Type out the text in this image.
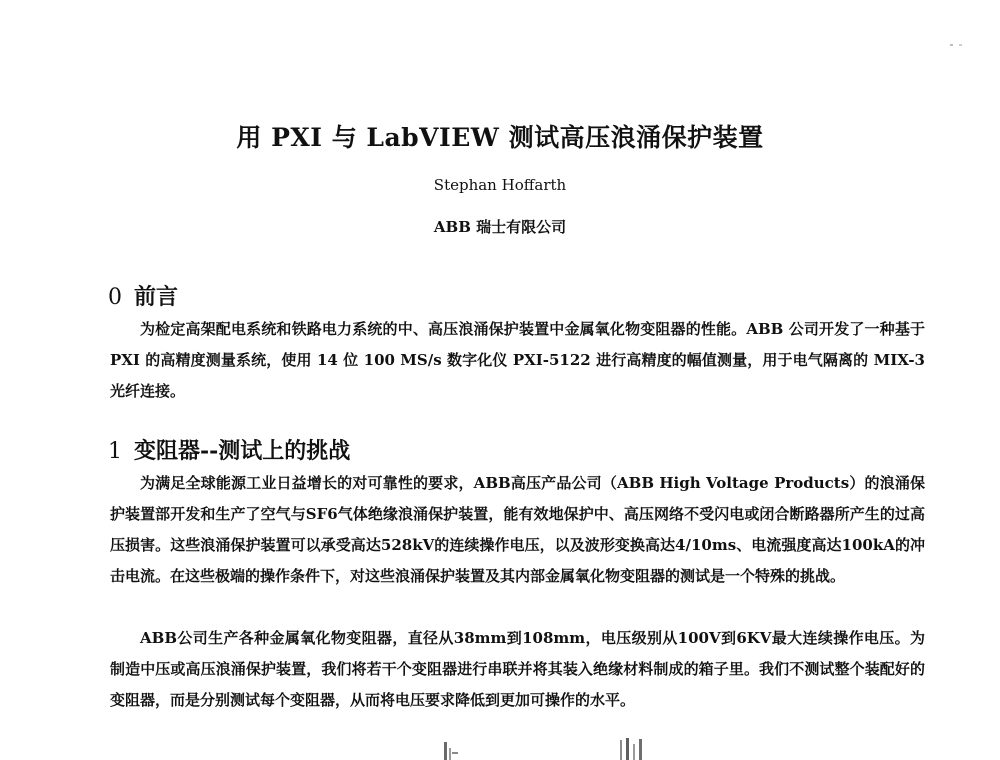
用 PXI 与 LabVIEW 测试高压浪涌保护装置
Stephan Hoffarth
ABB 瑞士有限公司
0 前言
为检定高架配电系统和铁路电力系统的中、高压浪涌保护装置中金属氧化物变阻器的性能。ABB 公司开发了一种基于 PXI 的高精度测量系统，使用 14 位 100 MS/s 数字化仪 PXI-5122 进行高精度的幅值测量，用于电气隔离的 MIX-3 光纤连接。
1 变阻器--测试上的挑战
为满足全球能源工业日益增长的对可靠性的要求，ABB高压产品公司（ABB High Voltage Products）的浪涌保护装置部开发和生产了空气与SF6气体绝缘浪涌保护装置，能有效地保护中、高压网络不受闪电或闭合断路器所产生的过高压损害。这些浪涌保护装置可以承受高达528kV的连续操作电压，以及波形变换高达4/10ms、电流强度高达100kA的冲击电流。在这些极端的操作条件下，对这些浪涌保护装置及其内部金属氧化物变阻器的测试是一个特殊的挑战。
ABB公司生产各种金属氧化物变阻器，直径从38mm到108mm，电压级别从100V到6KV最大连续操作电压。为制造中压或高压浪涌保护装置，我们将若干个变阻器进行串联并将其装入绝缘材料制成的箱子里。我们不测试整个装配好的变阻器，而是分别测试每个变阻器，从而将电压要求降低到更加可操作的水平。
